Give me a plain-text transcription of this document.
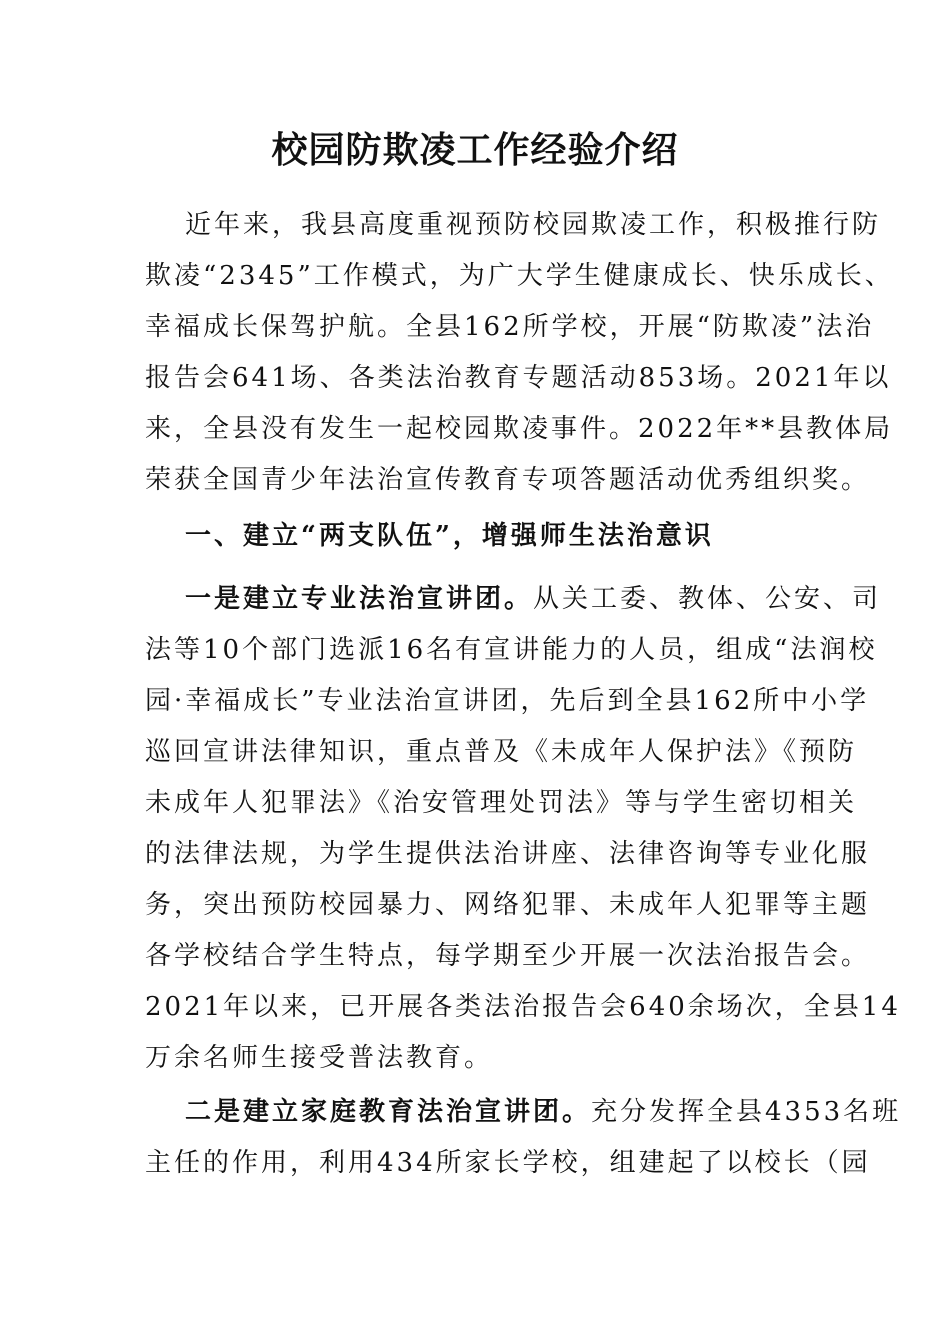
校园防欺凌工作经验介绍
近年来，我县高度重视预防校园欺凌工作，积极推行防
欺凌“2345”工作模式，为广大学生健康成长、快乐成长、
幸福成长保驾护航。全县162所学校，开展“防欺凌”法治
报告会641场、各类法治教育专题活动853场。2021年以
来，全县没有发生一起校园欺凌事件。2022年**县教体局
荣获全国青少年法治宣传教育专项答题活动优秀组织奖。
一、建立“两支队伍”，增强师生法治意识
一是建立专业法治宣讲团。从关工委、教体、公安、司
法等10个部门选派16名有宣讲能力的人员，组成“法润校
园·幸福成长”专业法治宣讲团，先后到全县162所中小学
巡回宣讲法律知识，重点普及《未成年人保护法》《预防
未成年人犯罪法》《治安管理处罚法》等与学生密切相关
的法律法规，为学生提供法治讲座、法律咨询等专业化服
务，突出预防校园暴力、网络犯罪、未成年人犯罪等主题
各学校结合学生特点，每学期至少开展一次法治报告会。
2021年以来，已开展各类法治报告会640余场次，全县14
万余名师生接受普法教育。
二是建立家庭教育法治宣讲团。充分发挥全县4353名班
主任的作用，利用434所家长学校，组建起了以校长（园
